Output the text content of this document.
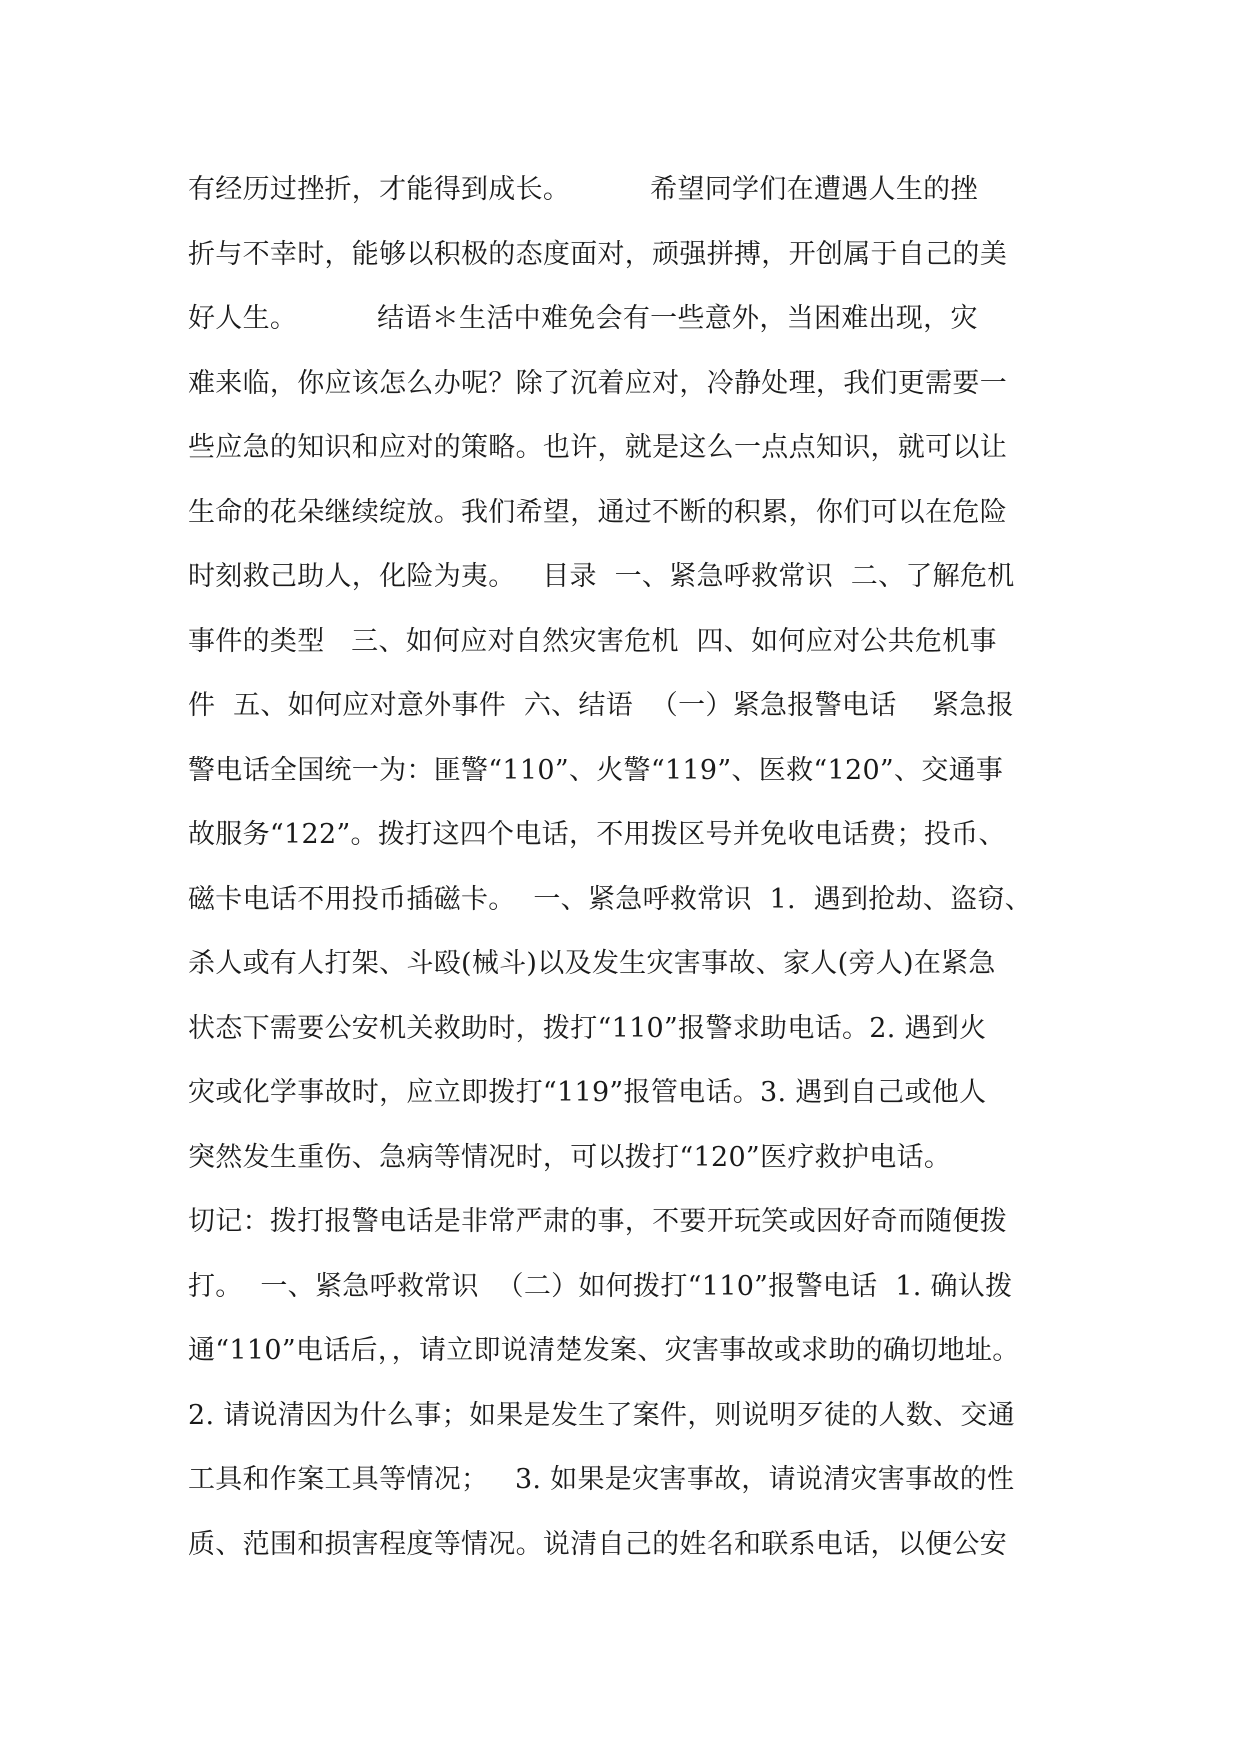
有经历过挫折，才能得到成长。         希望同学们在遭遇人生的挫
折与不幸时，能够以积极的态度面对，顽强拼搏，开创属于自己的美
好人生。         结语＊生活中难免会有一些意外，当困难出现，灾
难来临，你应该怎么办呢？除了沉着应对，冷静处理，我们更需要一
些应急的知识和应对的策略。也许，就是这么一点点知识，就可以让
生命的花朵继续绽放。我们希望，通过不断的积累，你们可以在危险
时刻救己助人，化险为夷。   目录  一、紧急呼救常识  二、了解危机
事件的类型   三、如何应对自然灾害危机  四、如何应对公共危机事
件  五、如何应对意外事件  六、结语  （一）紧急报警电话    紧急报
警电话全国统一为：匪警“110”、火警“119”、医救“120”、交通事
故服务“122”。拨打这四个电话，不用拨区号并免收电话费；投币、
磁卡电话不用投币插磁卡。  一、紧急呼救常识  1.  遇到抢劫、盗窃、
杀人或有人打架、斗殴(械斗)以及发生灾害事故、家人(旁人)在紧急
状态下需要公安机关救助时，拨打“110”报警求助电话。2. 遇到火
灾或化学事故时，应立即拨打“119”报管电话。3. 遇到自己或他人
突然发生重伤、急病等情况时，可以拨打“120”医疗救护电话。
切记：拨打报警电话是非常严肃的事，不要开玩笑或因好奇而随便拨
打。  一、紧急呼救常识  （二）如何拨打“110”报警电话  1. 确认拨
通“110”电话后，，请立即说清楚发案、灾害事故或求助的确切地址。
2. 请说清因为什么事；如果是发生了案件，则说明歹徒的人数、交通
工具和作案工具等情况；   3. 如果是灾害事故，请说清灾害事故的性
质、范围和损害程度等情况。说清自己的姓名和联系电话，以便公安
